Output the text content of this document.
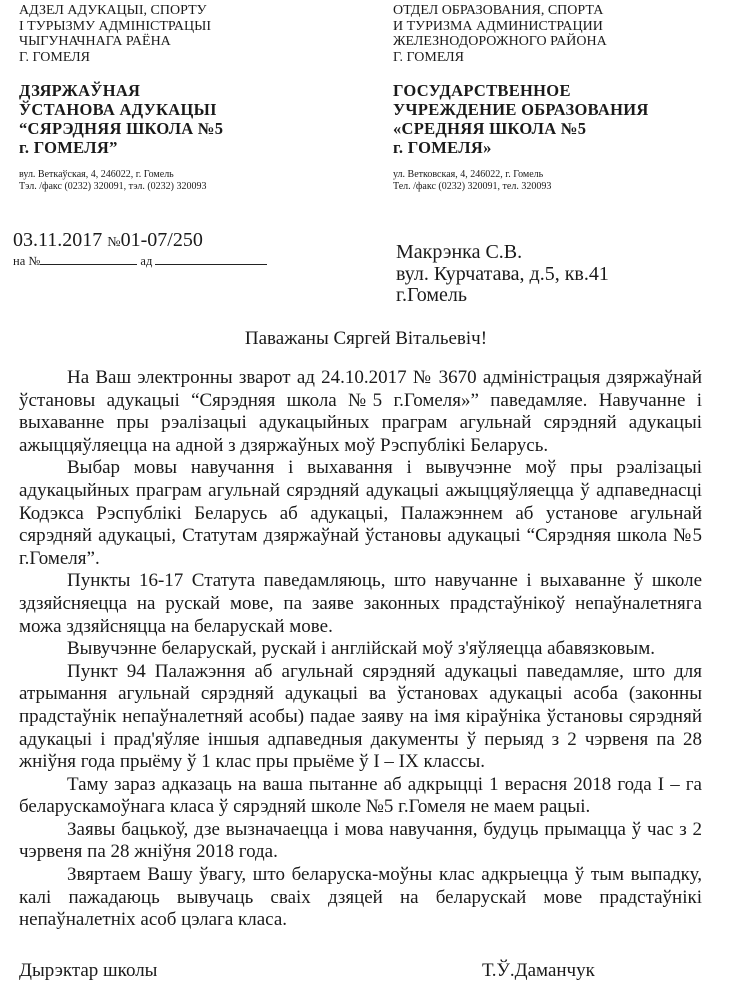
АДЗЕЛ АДУКАЦЫІ, СПОРТУ
І ТУРЫЗМУ АДМІНІСТРАЦЫІ
ЧЫГУНАЧНАГА РАЁНА
Г. ГОМЕЛЯ
ДЗЯРЖАЎНАЯ
ЎСТАНОВА АДУКАЦЫІ
“СЯРЭДНЯЯ ШКОЛА №5
г. ГОМЕЛЯ”
вул. Веткаўская, 4, 246022, г. Гомель
Тэл. /факс (0232) 320091, тэл. (0232) 320093
ОТДЕЛ ОБРАЗОВАНИЯ, СПОРТА
И ТУРИЗМА АДМИНИСТРАЦИИ
ЖЕЛЕЗНОДОРОЖНОГО РАЙОНА
Г. ГОМЕЛЯ
ГОСУДАРСТВЕННОЕ
УЧРЕЖДЕНИЕ ОБРАЗОВАНИЯ
«СРЕДНЯЯ ШКОЛА №5
г. ГОМЕЛЯ»
ул. Ветковская, 4, 246022, г. Гомель
Тел. /факс (0232) 320091, тел. 320093
03.11.2017 №01-07/250
на №	ад	Макрэнка С.В.
вул. Курчатава, д.5, кв.41
г.Гомель
Паважаны Сяргей Вітальевіч!

На Ваш электронны зварот ад 24.10.2017 № 3670 адміністрацыя дзяржаўнай ўстановы адукацыі “Сярэдняя школа №5 г.Гомеля»” паведамляе. Навучанне і выхаванне пры рэалізацыі адукацыйных праграм агульнай сярэдняй адукацыі ажыццяўляецца на адной з дзяржаўных моў Рэспублікі Беларусь.

Выбар мовы навучання і выхавання і вывучэнне моў пры рэалізацыі адукацыйных праграм агульнай сярэдняй адукацыі ажыццяўляецца ў адпаведнасці Кодэкса Рэспублікі Беларусь аб адукацыі, Палажэннем аб установе агульнай сярэдняй адукацыі, Статутам дзяржаўнай ўстановы адукацыі “Сярэдняя школа №5 г.Гомеля”.

Пункты 16-17 Статута паведамляюць, што навучанне і выхаванне ў школе здзяйсняецца на рускай мове, па заяве законных прадстаўнікоў непаўналетняга можа здзяйсняцца на беларускай мове.

Вывучэнне беларускай, рускай і англійскай моў з'яўляецца абавязковым.

Пункт 94 Палажэння аб агульнай сярэдняй адукацыі паведамляе, што для атрымання агульнай сярэдняй адукацыі ва ўстановах адукацыі асоба (законны прадстаўнік непаўналетняй асобы) падае заяву на імя кіраўніка ўстановы сярэдняй адукацыі і прад'яўляе іншыя адпаведныя дакументы ў перыяд з 2 чэрвеня па 28 жніўня года прыёму ў 1 клас пры прыёме ў I – IX классы.

Таму зараз адказаць на ваша пытанне аб адкрыцці 1 верасня 2018 года I – га беларускамоўнага класа ў сярэдняй школе №5 г.Гомеля не маем рацыі.

Заявы бацькоў, дзе вызначаецца і мова навучання, будуць прымацца ў час з 2 чэрвеня па 28 жніўня 2018 года.

Звяртаем Вашу ўвагу, што беларуска-моўны клас адкрыецца ў тым выпадку, калі пажадаюць вывучаць сваіх дзяцей на беларускай мове прадстаўнікі непаўналетніх асоб цэлага класа.

Дырэктар школы	Т.Ў.Даманчук
